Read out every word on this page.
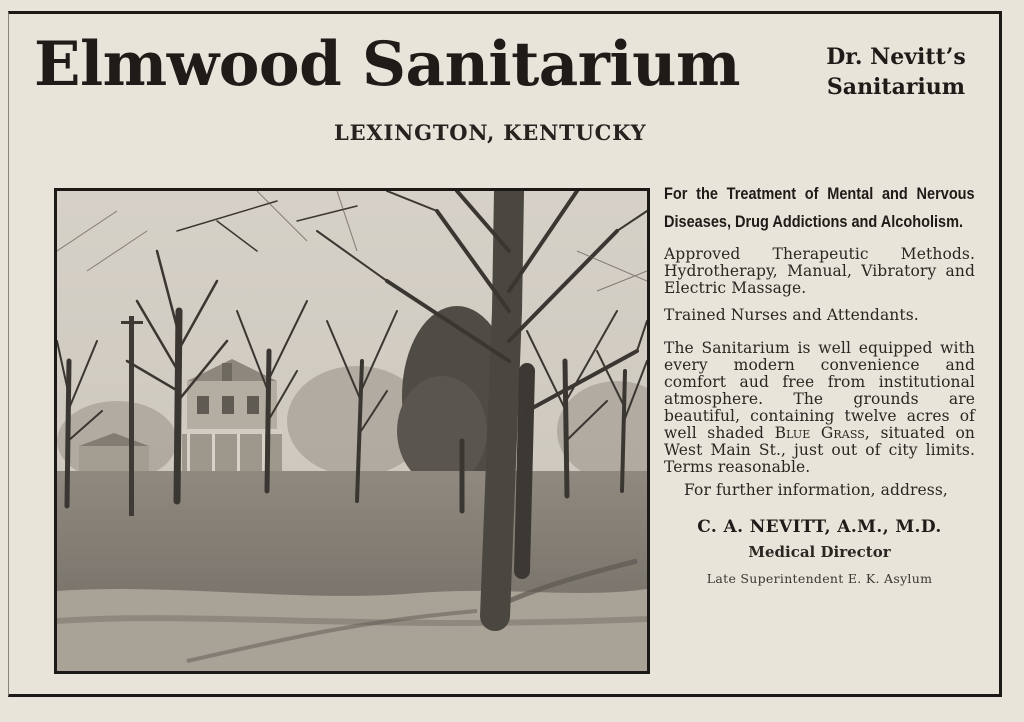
Elmwood Sanitarium	Dr. Nevitt’s
Sanitarium
LEXINGTON, KENTUCKY
For the Treatment of Mental and Nervous Diseases, Drug Addictions and Alcoholism.
Approved Therapeutic Methods. Hydrotherapy, Manual, Vibratory and Electric Massage.
Trained Nurses and Attendants.
The Sanitarium is well equipped with every modern convenience and comfort aud free from institutional atmosphere. The grounds are beautiful, containing twelve acres of well shaded Blue Grass, situated on West Main St., just out of city limits. Terms reasonable.
For further information, address,
C. A. NEVITT, A.M., M.D.
Medical Director
Late Superintendent E. K. Asylum
